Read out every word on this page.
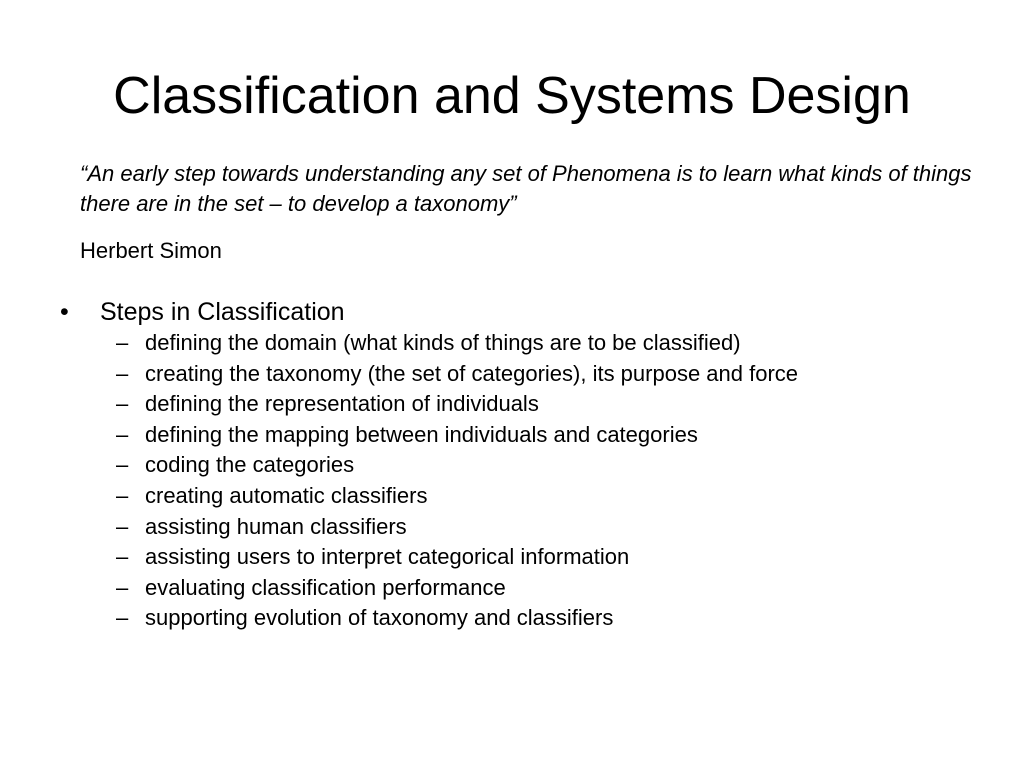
Classification and Systems Design
“An early step towards understanding any set of Phenomena is to learn what kinds of things there are in the set – to develop a taxonomy”
Herbert Simon
• Steps in Classification
– defining the domain (what kinds of things are to be classified)
– creating the taxonomy (the set of categories), its purpose and force
– defining the representation of individuals
– defining the mapping between individuals and categories
– coding the categories
– creating automatic classifiers
– assisting human classifiers
– assisting users to interpret categorical information
– evaluating classification performance
– supporting evolution of taxonomy and classifiers
